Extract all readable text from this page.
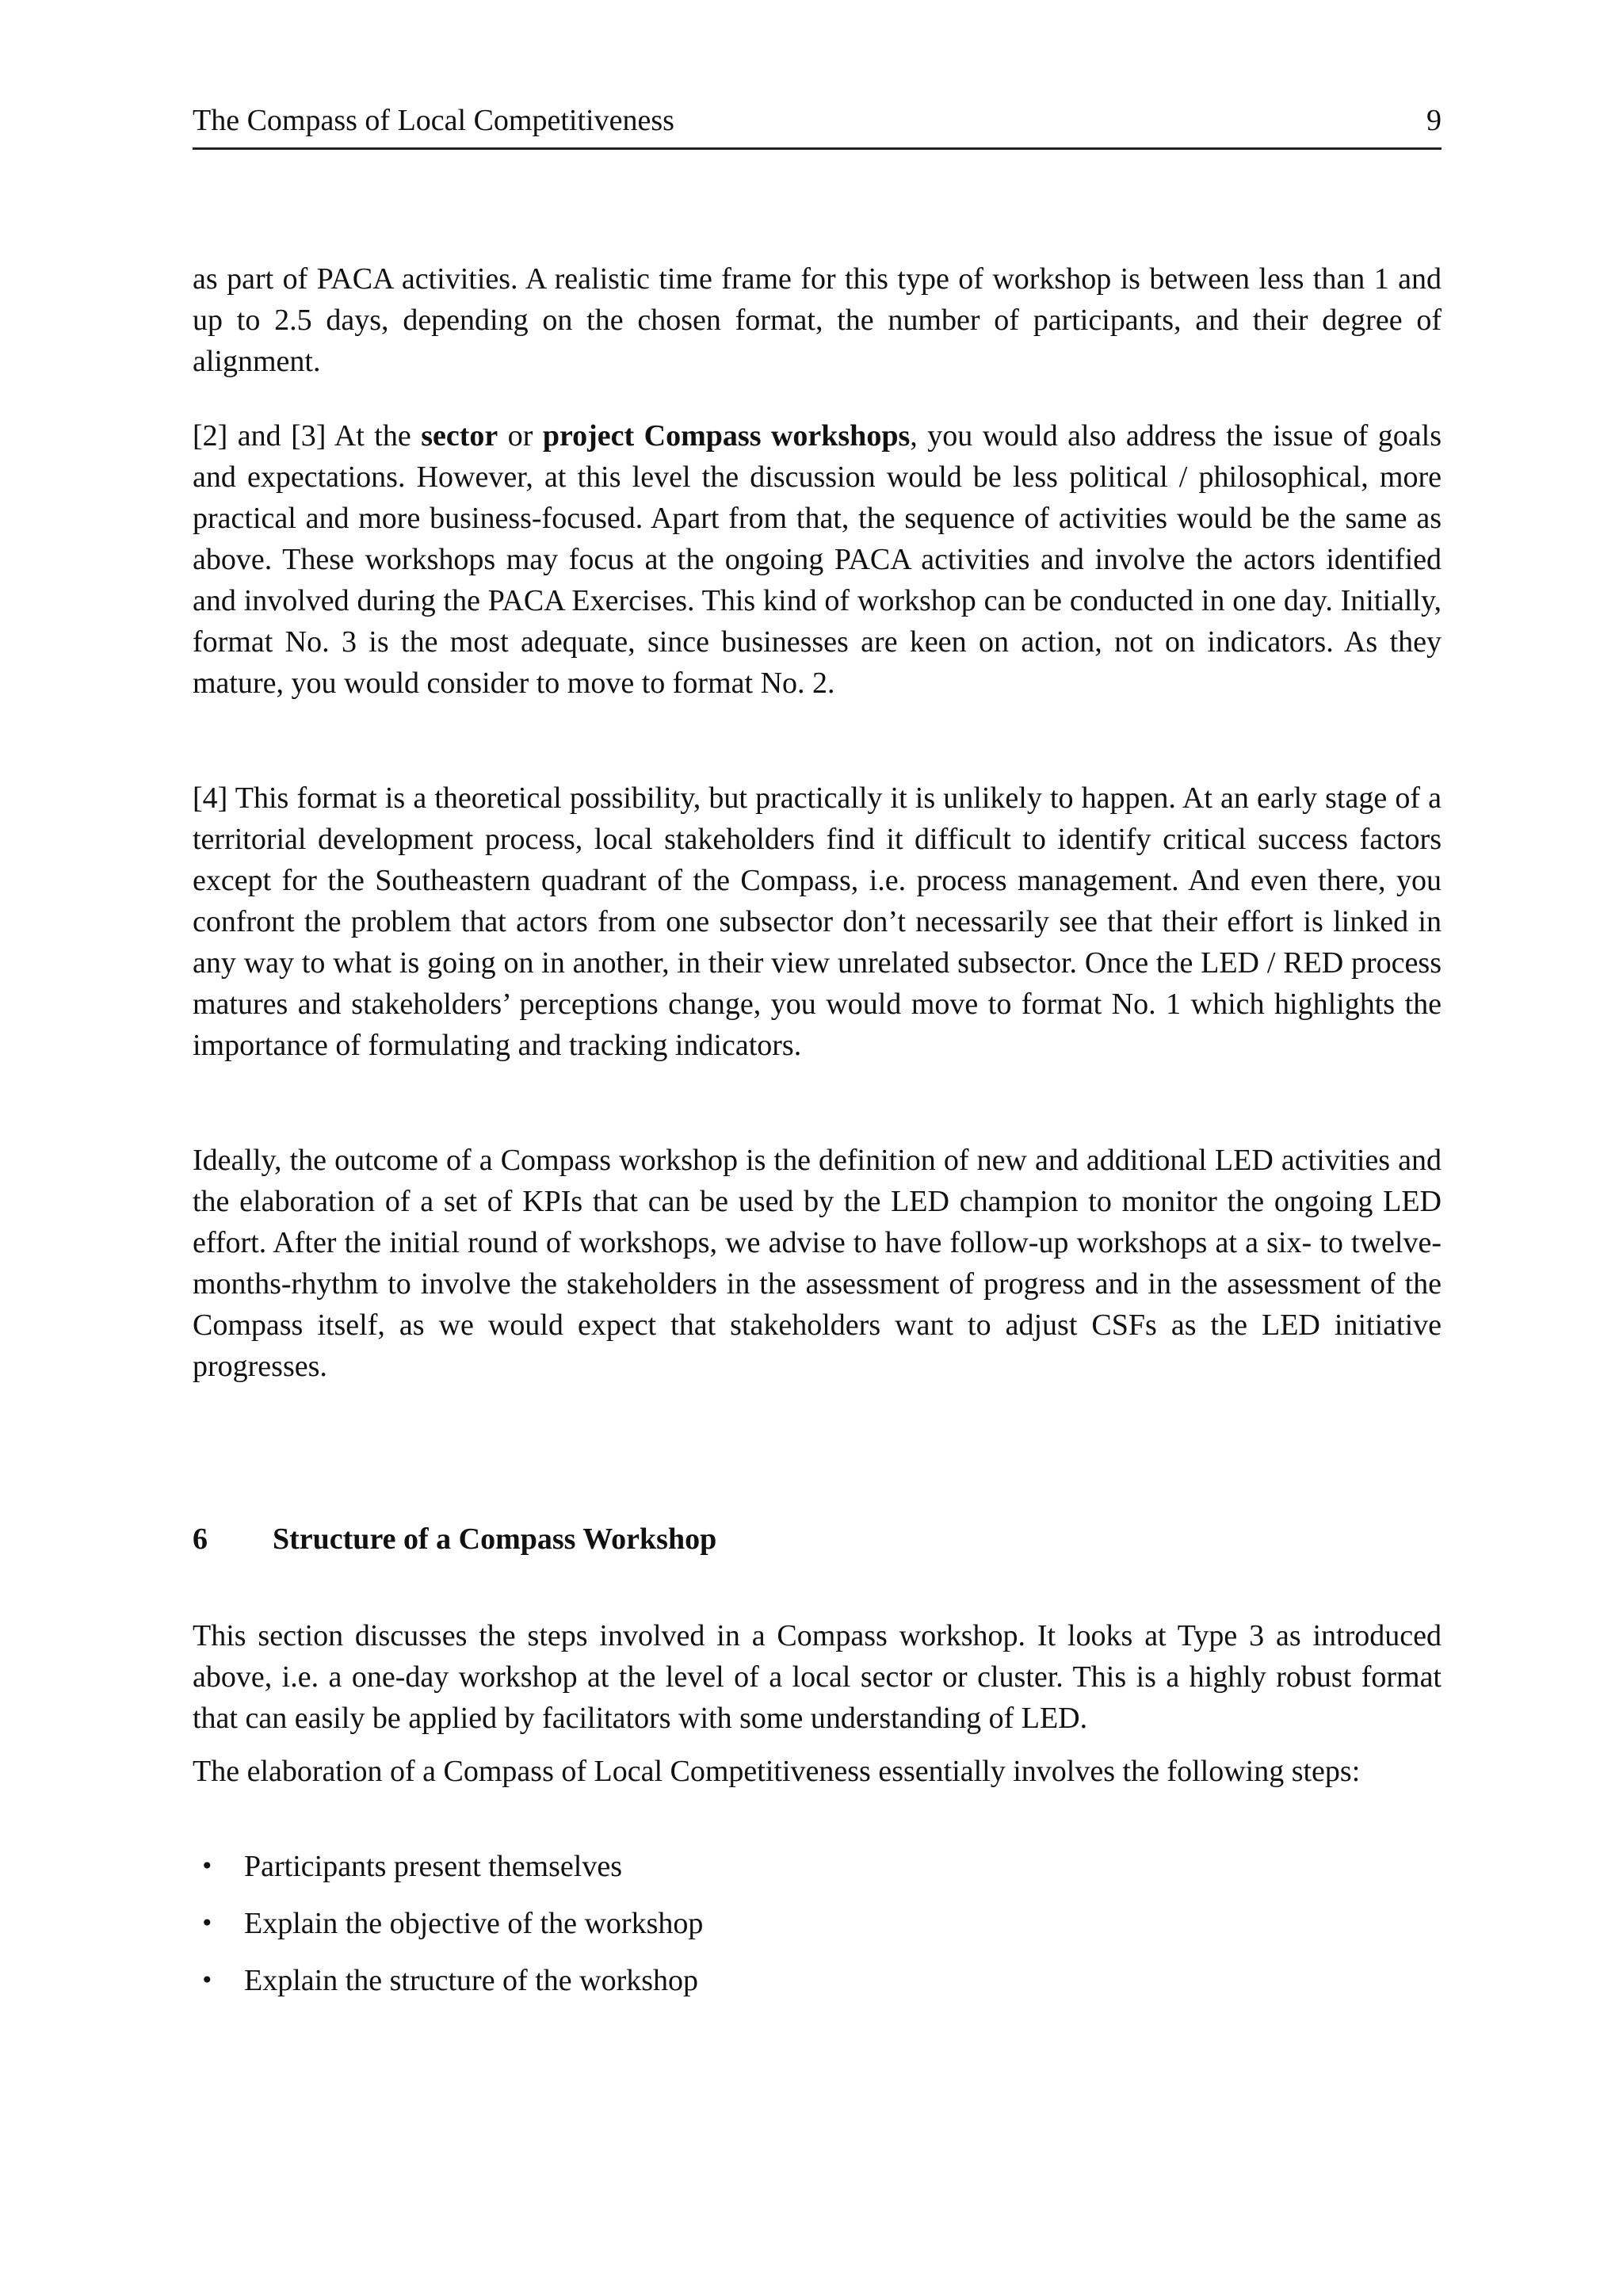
The Compass of Local Competitiveness	9

as part of PACA activities. A realistic time frame for this type of workshop is between less than 1 and up to 2.5 days, depending on the chosen format, the number of participants, and their degree of alignment.

[2] and [3] At the sector or project Compass workshops, you would also address the issue of goals and expectations. However, at this level the discussion would be less political / philosophical, more practical and more business-focused. Apart from that, the sequence of activities would be the same as above. These workshops may focus at the ongoing PACA activities and involve the actors identified and involved during the PACA Exercises. This kind of workshop can be conducted in one day. Initially, format No. 3 is the most adequate, since businesses are keen on action, not on indicators. As they mature, you would consider to move to format No. 2.

[4] This format is a theoretical possibility, but practically it is unlikely to happen. At an early stage of a territorial development process, local stakeholders find it difficult to identify critical success factors except for the Southeastern quadrant of the Compass, i.e. process management. And even there, you confront the problem that actors from one subsector don’t necessarily see that their effort is linked in any way to what is going on in another, in their view unrelated subsector. Once the LED / RED process matures and stakeholders’ perceptions change, you would move to format No. 1 which highlights the importance of formulating and tracking indicators.

Ideally, the outcome of a Compass workshop is the definition of new and additional LED activities and the elaboration of a set of KPIs that can be used by the LED champion to monitor the ongoing LED effort. After the initial round of workshops, we advise to have follow-up workshops at a six- to twelve-months-rhythm to involve the stakeholders in the assessment of progress and in the assessment of the Compass itself, as we would expect that stakeholders want to adjust CSFs as the LED initiative progresses.

6 Structure of a Compass Workshop

This section discusses the steps involved in a Compass workshop. It looks at Type 3 as introduced above, i.e. a one-day workshop at the level of a local sector or cluster. This is a highly robust format that can easily be applied by facilitators with some understanding of LED.

The elaboration of a Compass of Local Competitiveness essentially involves the following steps:

• Participants present themselves
• Explain the objective of the workshop
• Explain the structure of the workshop
